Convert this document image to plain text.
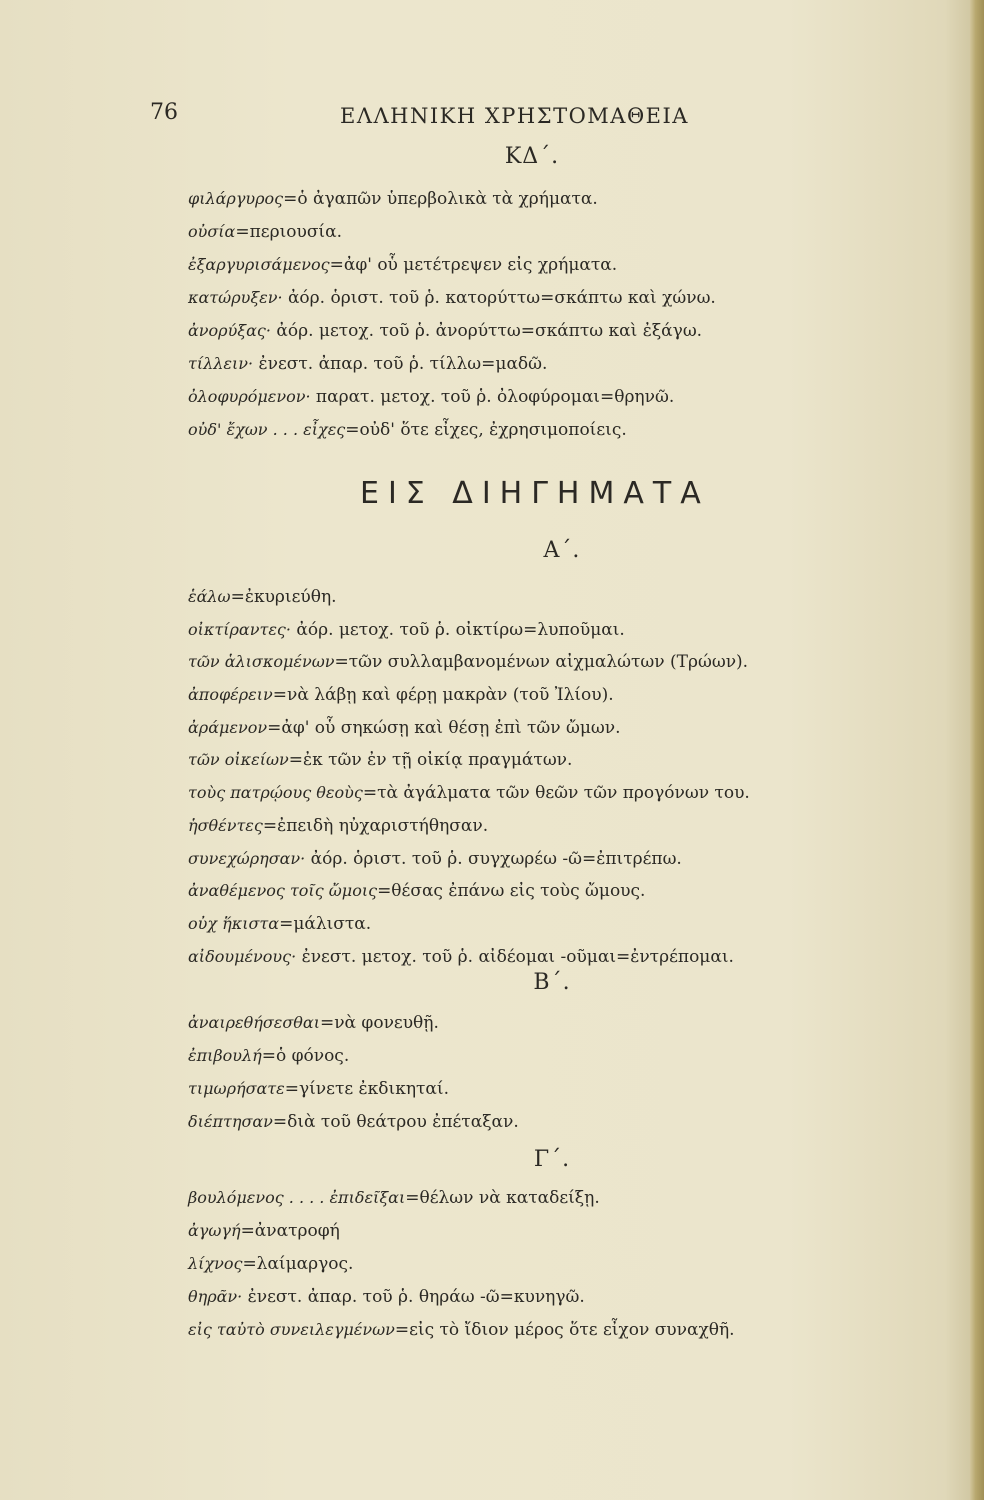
76	ΕΛΛΗΝΙΚΗ ΧΡΗΣΤΟΜΑΘΕΙΑ
ΚΔ΄.
φιλάργυρος=ὁ ἀγαπῶν ὑπερβολικὰ τὰ χρήματα.
οὐσία=περιουσία.
ἐξαργυρισάμενος=ἀφ' οὗ μετέτρεψεν εἰς χρήματα.
κατώρυξεν· ἀόρ. ὁριστ. τοῦ ῥ. κατορύττω=σκάπτω καὶ χώνω.
ἀνορύξας· ἀόρ. μετοχ. τοῦ ῥ. ἀνορύττω=σκάπτω καὶ ἐξάγω.
τίλλειν· ἐνεστ. ἀπαρ. τοῦ ῥ. τίλλω=μαδῶ.
ὀλοφυρόμενον· παρατ. μετοχ. τοῦ ῥ. ὀλοφύρομαι=θρηνῶ.
οὐδ' ἔχων . . . εἶχες=οὐδ' ὅτε εἶχες, ἐχρησιμοποίεις.
ΕΙΣ ΔΙΗΓΗΜΑΤΑ
Α΄.
ἑάλω=ἐκυριεύθη.
οἰκτίραντες· ἀόρ. μετοχ. τοῦ ῥ. οἰκτίρω=λυποῦμαι.
τῶν ἁλισκομένων=τῶν συλλαμβανομένων αἰχμαλώτων (Τρώων).
ἀποφέρειν=νὰ λάβῃ καὶ φέρῃ μακρὰν (τοῦ Ἰλίου).
ἀράμενον=ἀφ' οὗ σηκώσῃ καὶ θέσῃ ἐπὶ τῶν ὤμων.
τῶν οἰκείων=ἐκ τῶν ἐν τῇ οἰκίᾳ πραγμάτων.
τοὺς πατρῴους θεοὺς=τὰ ἀγάλματα τῶν θεῶν τῶν προγόνων του.
ἡσθέντες=ἐπειδὴ ηὐχαριστήθησαν.
συνεχώρησαν· ἀόρ. ὁριστ. τοῦ ῥ. συγχωρέω -ῶ=ἐπιτρέπω.
ἀναθέμενος τοῖς ὤμοις=θέσας ἐπάνω εἰς τοὺς ὤμους.
οὐχ ἥκιστα=μάλιστα.
αἰδουμένους· ἐνεστ. μετοχ. τοῦ ῥ. αἰδέομαι -οῦμαι=ἐντρέπομαι.
Β΄.
ἀναιρεθήσεσθαι=νὰ φονευθῇ.
ἐπιβουλή=ὁ φόνος.
τιμωρήσατε=γίνετε ἐκδικηταί.
διέπτησαν=διὰ τοῦ θεάτρου ἐπέταξαν.
Γ΄.
βουλόμενος . . . . ἐπιδεῖξαι=θέλων νὰ καταδείξῃ.
ἀγωγή=ἀνατροφή
λίχνος=λαίμαργος.
θηρᾶν· ἐνεστ. ἀπαρ. τοῦ ῥ. θηράω -ῶ=κυνηγῶ.
εἰς ταὐτὸ συνειλεγμένων=εἰς τὸ ἴδιον μέρος ὅτε εἶχον συναχθῆ.
